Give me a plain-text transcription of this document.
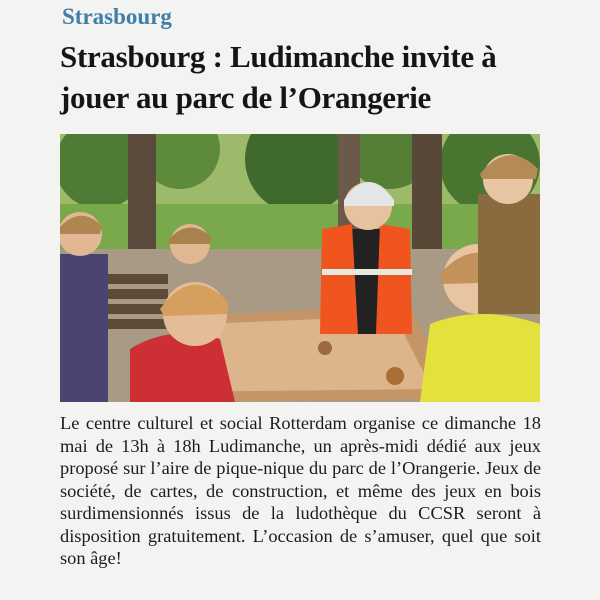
Strasbourg
Strasbourg : Ludimanche invite à jouer au parc de l’Orangerie

Le centre culturel et social Rotterdam organise ce dimanche 18 mai de 13h à 18h Ludimanche, un après-midi dédié aux jeux proposé sur l’aire de pique-nique du parc de l’Orangerie. Jeux de société, de cartes, de construction, et même des jeux en bois surdimensionnés issus de la ludothèque du CCSR seront à disposition gratuitement. L’occasion de s’amuser, quel que soit son âge!
